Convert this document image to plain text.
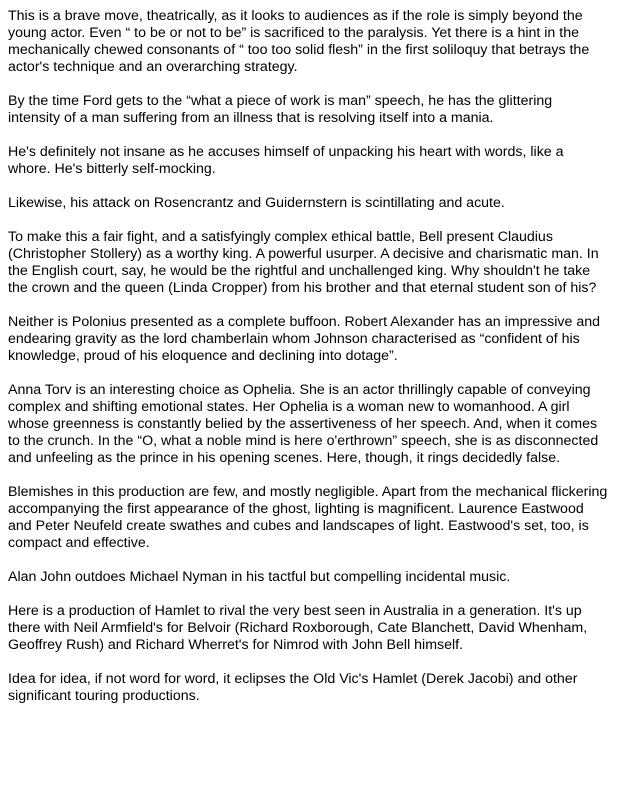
This is a brave move, theatrically, as it looks to audiences as if the role is simply beyond the young actor. Even “ to be or not to be” is sacrificed to the paralysis. Yet there is a hint in the mechanically chewed consonants of “ too too solid flesh” in the first soliloquy that betrays the actor's technique and an overarching strategy.

By the time Ford gets to the “what a piece of work is man” speech, he has the glittering intensity of a man suffering from an illness that is resolving itself into a mania.

He's definitely not insane as he accuses himself of unpacking his heart with words, like a whore. He's bitterly self-mocking.

Likewise, his attack on Rosencrantz and Guidernstern is scintillating and acute.

To make this a fair fight, and a satisfyingly complex ethical battle, Bell present Claudius (Christopher Stollery) as a worthy king. A powerful usurper. A decisive and charismatic man. In the English court, say, he would be the rightful and unchallenged king. Why shouldn't he take the crown and the queen (Linda Cropper) from his brother and that eternal student son of his?

Neither is Polonius presented as a complete buffoon. Robert Alexander has an impressive and endearing gravity as the lord chamberlain whom Johnson characterised as “confident of his knowledge, proud of his eloquence and declining into dotage”.

Anna Torv is an interesting choice as Ophelia. She is an actor thrillingly capable of conveying complex and shifting emotional states. Her Ophelia is a woman new to womanhood. A girl whose greenness is constantly belied by the assertiveness of her speech. And, when it comes to the crunch. In the “O, what a noble mind is here o'erthrown” speech, she is as disconnected and unfeeling as the prince in his opening scenes. Here, though, it rings decidedly false.

Blemishes in this production are few, and mostly negligible. Apart from the mechanical flickering accompanying the first appearance of the ghost, lighting is magnificent. Laurence Eastwood and Peter Neufeld create swathes and cubes and landscapes of light. Eastwood's set, too, is compact and effective.

Alan John outdoes Michael Nyman in his tactful but compelling incidental music.

Here is a production of Hamlet to rival the very best seen in Australia in a generation. It's up there with Neil Armfield's for Belvoir (Richard Roxborough, Cate Blanchett, David Whenham, Geoffrey Rush) and Richard Wherret's for Nimrod with John Bell himself.

Idea for idea, if not word for word, it eclipses the Old Vic's Hamlet (Derek Jacobi) and other significant touring productions.
